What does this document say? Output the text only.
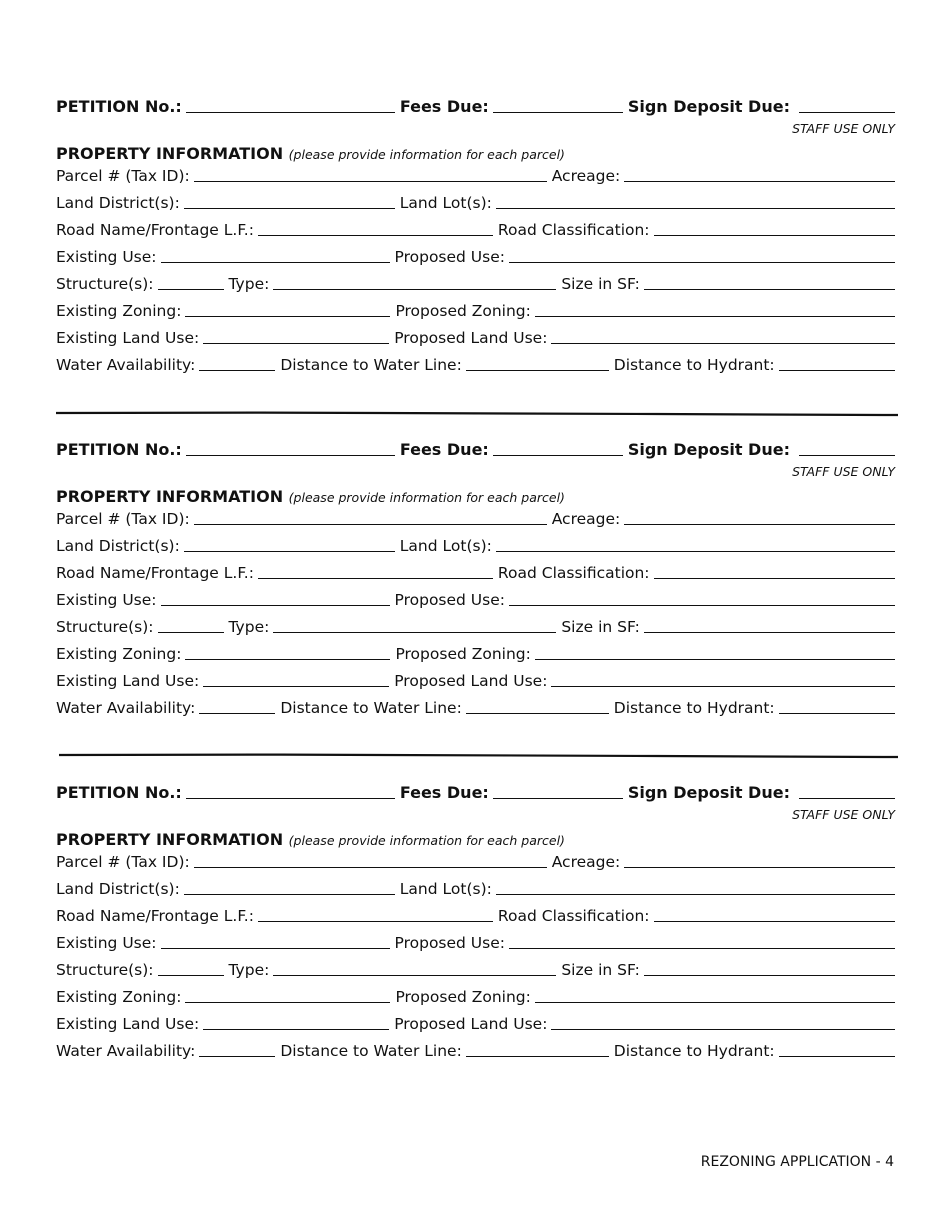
PETITION No.:	Fees Due:	Sign Deposit Due:
STAFF USE ONLY
PROPERTY INFORMATION (please provide information for each parcel)
Parcel # (Tax ID):	Acreage:
Land District(s):	Land Lot(s):
Road Name/Frontage L.F.:	Road Classification:
Existing Use:	Proposed Use:
Structure(s):	Type:	Size in SF:
Existing Zoning:	Proposed Zoning:
Existing Land Use:	Proposed Land Use:
Water Availability:	Distance to Water Line:	Distance to Hydrant:
PETITION No.:	Fees Due:	Sign Deposit Due:
STAFF USE ONLY
PROPERTY INFORMATION (please provide information for each parcel)
Parcel # (Tax ID):	Acreage:
Land District(s):	Land Lot(s):
Road Name/Frontage L.F.:	Road Classification:
Existing Use:	Proposed Use:
Structure(s):	Type:	Size in SF:
Existing Zoning:	Proposed Zoning:
Existing Land Use:	Proposed Land Use:
Water Availability:	Distance to Water Line:	Distance to Hydrant:
PETITION No.:	Fees Due:	Sign Deposit Due:
STAFF USE ONLY
PROPERTY INFORMATION (please provide information for each parcel)
Parcel # (Tax ID):	Acreage:
Land District(s):	Land Lot(s):
Road Name/Frontage L.F.:	Road Classification:
Existing Use:	Proposed Use:
Structure(s):	Type:	Size in SF:
Existing Zoning:	Proposed Zoning:
Existing Land Use:	Proposed Land Use:
Water Availability:	Distance to Water Line:	Distance to Hydrant:
REZONING APPLICATION - 4
